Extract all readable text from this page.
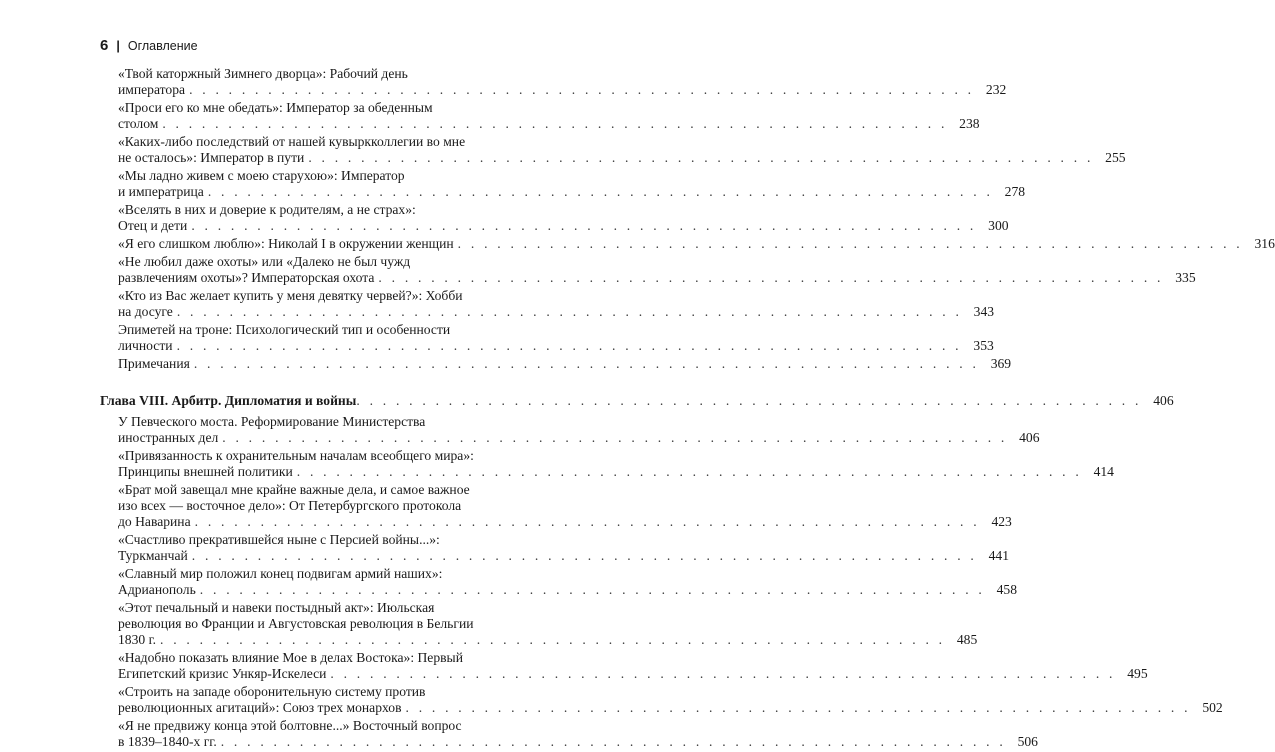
6 | Оглавление
«Твой каторжный Зимнего дворца»: Рабочий день
императора . . . . . . . . . . . . . . . . . . . . . . . . . . . . . . . . . . . . . . . . . . . . . . . . . . . . . . . . . . . . 232
«Проси его ко мне обедать»: Император за обеденным
столом . . . . . . . . . . . . . . . . . . . . . . . . . . . . . . . . . . . . . . . . . . . . . . . . . . . . . . . . . . . . 238
«Каких-либо последствий от нашей кувыркколлегии во мне
не осталось»: Император в пути . . . . . . . . . . . . . . . . . . . . . . . . . . . . . . . . . . . . . . . . . . . . . . . . . . . . . . . . . . . . 255
«Мы ладно живем с моею старухою»: Император
и императрица . . . . . . . . . . . . . . . . . . . . . . . . . . . . . . . . . . . . . . . . . . . . . . . . . . . . . . . . . . . . 278
«Вселять в них и доверие к родителям, а не страх»:
Отец и дети . . . . . . . . . . . . . . . . . . . . . . . . . . . . . . . . . . . . . . . . . . . . . . . . . . . . . . . . . . . . 300
«Я его слишком люблю»: Николай I в окружении женщин . . . . . . . . . . . . . . . . . . . . . . . . . . . . . . . . . . . . . . . . . . . . . . . . . . . . . . . . . . . . 316
«Не любил даже охоты» или «Далеко не был чужд
развлечениям охоты»? Императорская охота . . . . . . . . . . . . . . . . . . . . . . . . . . . . . . . . . . . . . . . . . . . . . . . . . . . . . . . . . . . . 335
«Кто из Вас желает купить у меня девятку червей?»: Хобби
на досуге . . . . . . . . . . . . . . . . . . . . . . . . . . . . . . . . . . . . . . . . . . . . . . . . . . . . . . . . . . . . 343
Эпиметей на троне: Психологический тип и особенности
личности . . . . . . . . . . . . . . . . . . . . . . . . . . . . . . . . . . . . . . . . . . . . . . . . . . . . . . . . . . . . 353
Примечания . . . . . . . . . . . . . . . . . . . . . . . . . . . . . . . . . . . . . . . . . . . . . . . . . . . . . . . . . . . . 369
Глава VIII. Арбитр. Дипломатия и войны . . . . . . . . . . . . . . . . . . . . . . . . . . . . . . . . . . . . . . . . . . . . . . . . . . . . . . . . . . . . 406
У Певческого моста. Реформирование Министерства
иностранных дел . . . . . . . . . . . . . . . . . . . . . . . . . . . . . . . . . . . . . . . . . . . . . . . . . . . . . . . . . . . . 406
«Привязанность к охранительным началам всеобщего мира»:
Принципы внешней политики . . . . . . . . . . . . . . . . . . . . . . . . . . . . . . . . . . . . . . . . . . . . . . . . . . . . . . . . . . . . 414
«Брат мой завещал мне крайне важные дела, и самое важное
изо всех — восточное дело»: От Петербургского протокола
до Наварина . . . . . . . . . . . . . . . . . . . . . . . . . . . . . . . . . . . . . . . . . . . . . . . . . . . . . . . . . . . . 423
«Счастливо прекратившейся ныне с Персией войны...»:
Туркманчай . . . . . . . . . . . . . . . . . . . . . . . . . . . . . . . . . . . . . . . . . . . . . . . . . . . . . . . . . . . . 441
«Славный мир положил конец подвигам армий наших»:
Адрианополь . . . . . . . . . . . . . . . . . . . . . . . . . . . . . . . . . . . . . . . . . . . . . . . . . . . . . . . . . . . . 458
«Этот печальный и навеки постыдный акт»: Июльская
революция во Франции и Августовская революция в Бельгии
1830 г. . . . . . . . . . . . . . . . . . . . . . . . . . . . . . . . . . . . . . . . . . . . . . . . . . . . . . . . . . . . . 485
«Надобно показать влияние Мое в делах Востока»: Первый
Египетский кризис Ункяр-Искелеси . . . . . . . . . . . . . . . . . . . . . . . . . . . . . . . . . . . . . . . . . . . . . . . . . . . . . . . . . . . . 495
«Строить на западе оборонительную систему против
революционных агитаций»: Союз трех монархов . . . . . . . . . . . . . . . . . . . . . . . . . . . . . . . . . . . . . . . . . . . . . . . . . . . . . . . . . . . . 502
«Я не предвижу конца этой болтовне...» Восточный вопрос
в 1839–1840-х гг. . . . . . . . . . . . . . . . . . . . . . . . . . . . . . . . . . . . . . . . . . . . . . . . . . . . . . . . . . . . . 506
